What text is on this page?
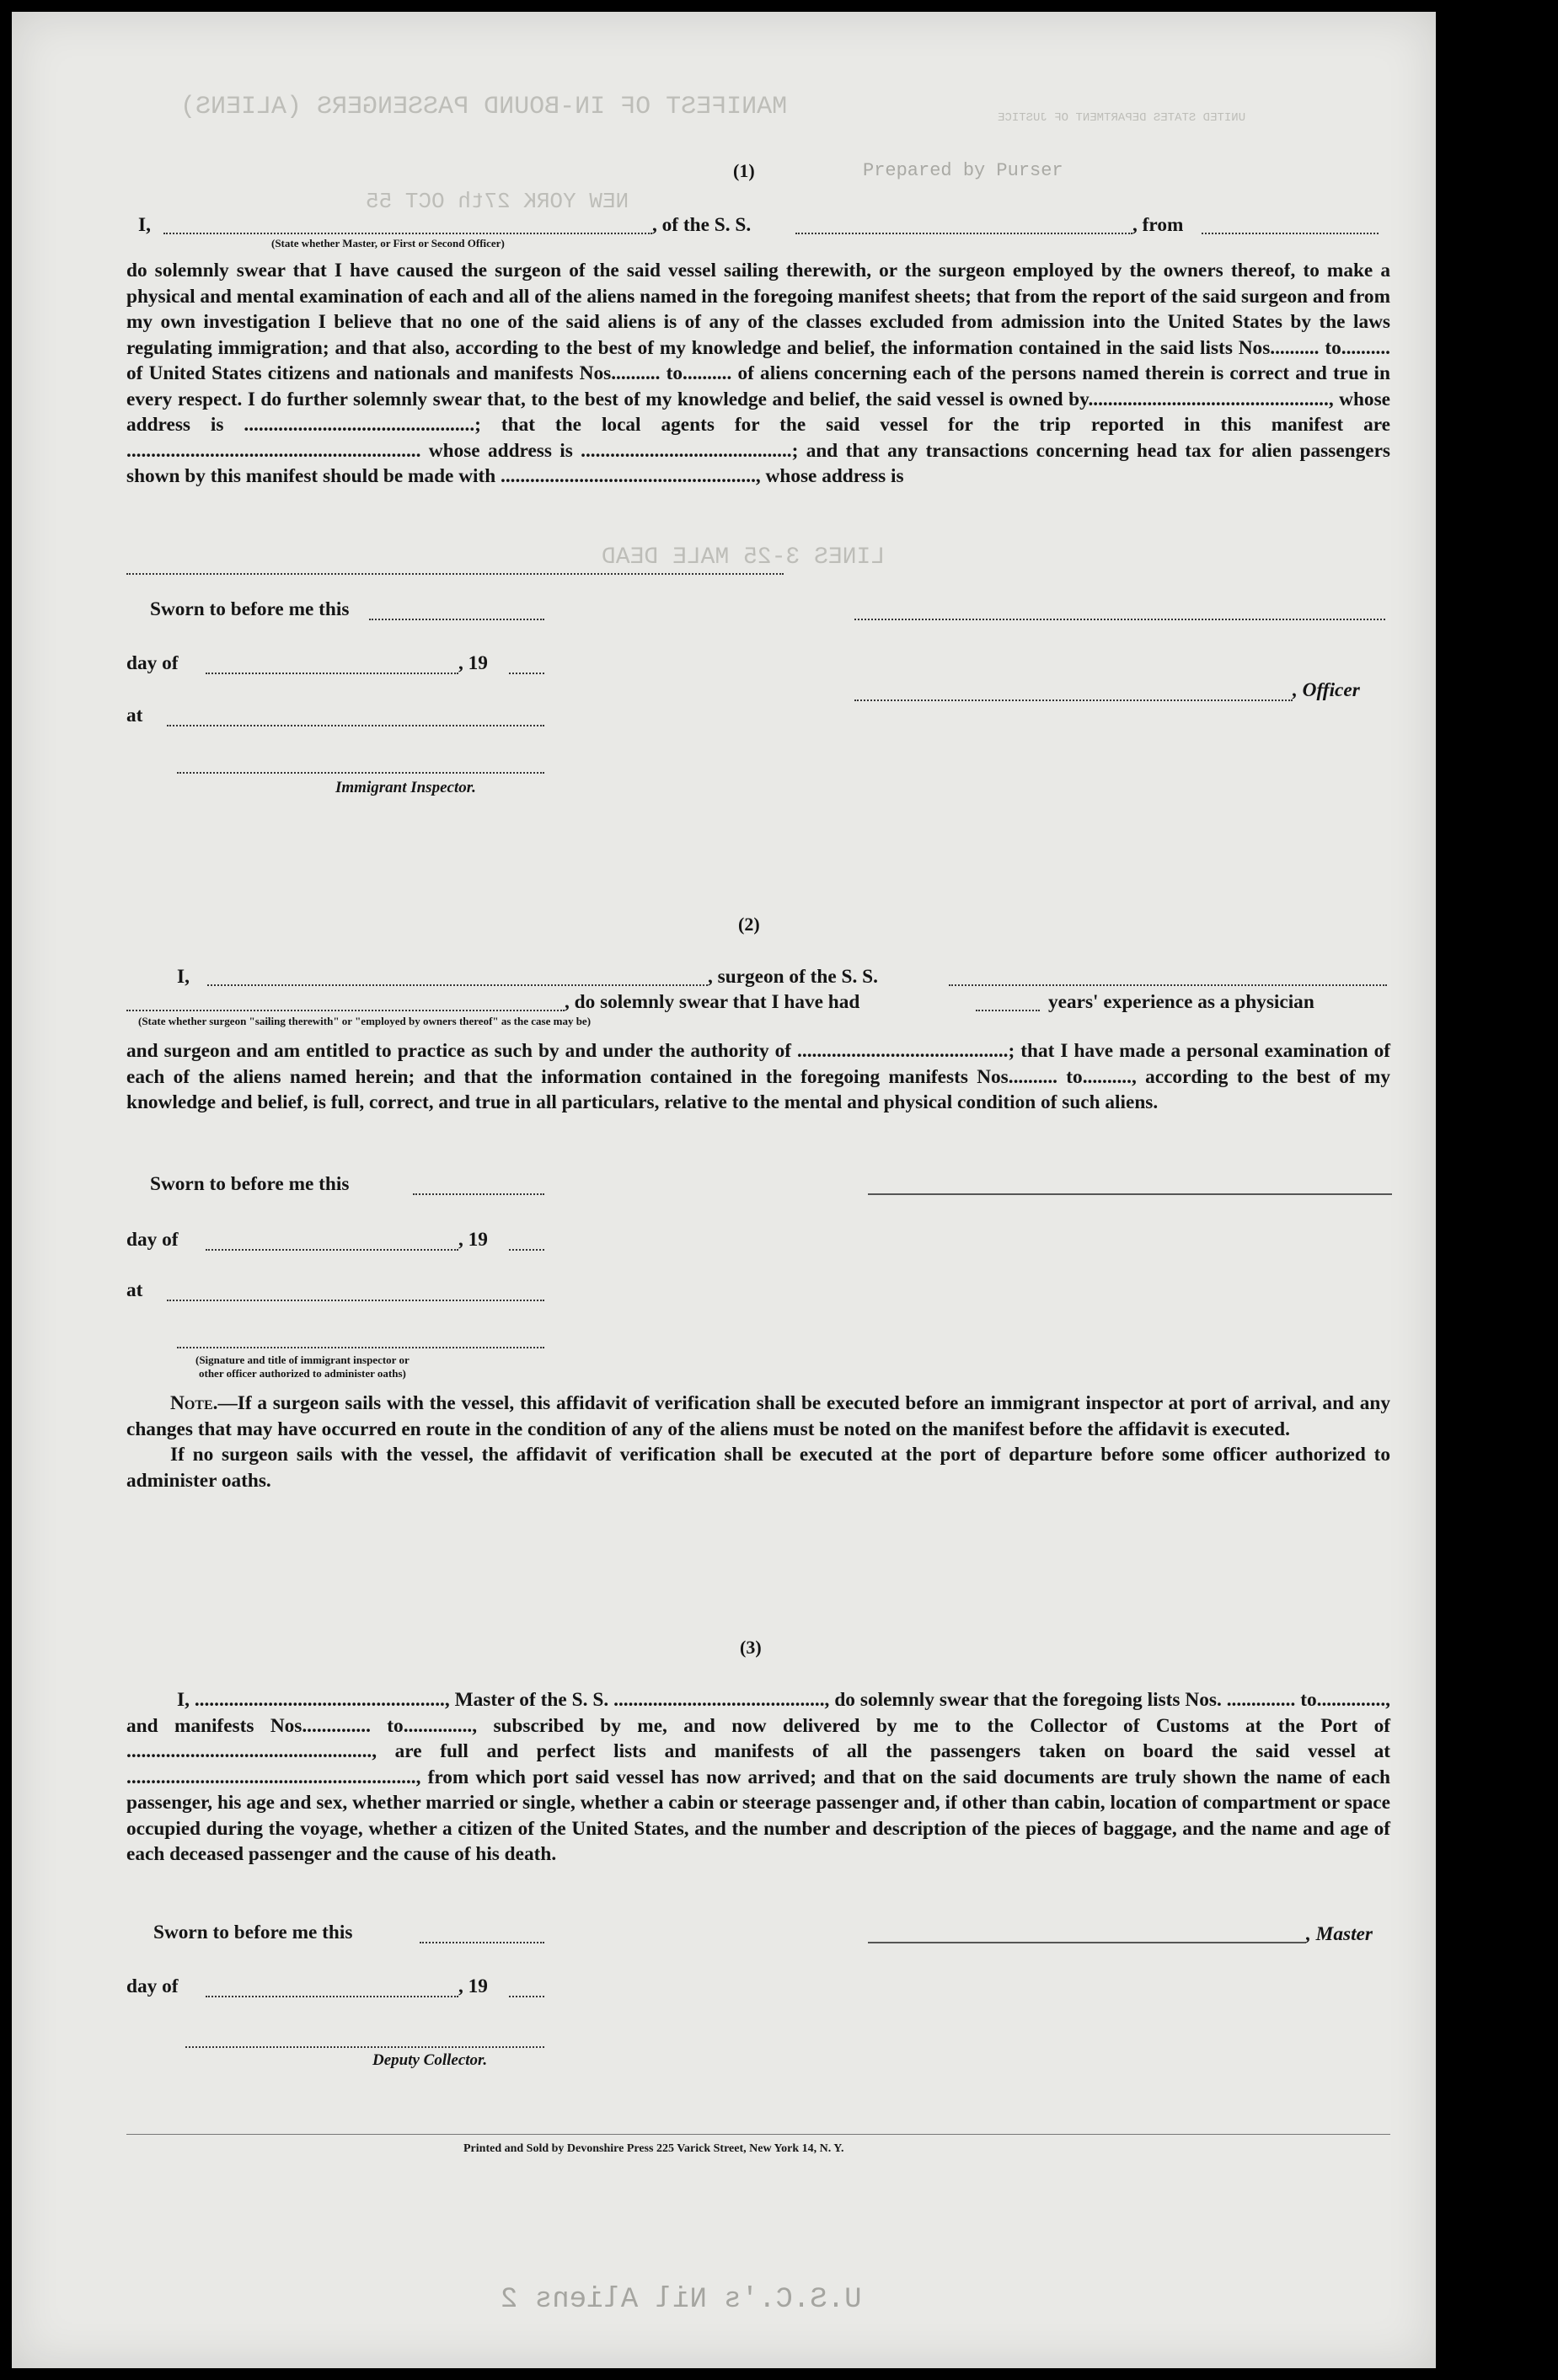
MANIFEST OF IN-BOUND PASSENGERS (ALIENS)
Prepared by Purser
UNITED STATES DEPARTMENT OF JUSTICE
NEW YORK 27th OCT 55
LINES 3-25 MALE DEAD
U.S.C.'s Nil Aliens 2
(1)
I,	, of the S. S.	, from
(State whether Master, or First or Second Officer)

do solemnly swear that I have caused the surgeon of the said vessel sailing therewith, or the surgeon employed by the owners thereof, to make a physical and mental examination of each and all of the aliens named in the foregoing manifest sheets; that from the report of the said surgeon and from my own investigation I believe that no one of the said aliens is of any of the classes excluded from admission into the United States by the laws regulating immigration; and that also, according to the best of my knowledge and belief, the information contained in the said lists Nos.......... to.......... of United States citizens and nationals and manifests Nos.......... to.......... of aliens concerning each of the persons named therein is correct and true in every respect. I do further solemnly swear that, to the best of my knowledge and belief, the said vessel is owned by................................................., whose address is ...............................................; that the local agents for the said vessel for the trip reported in this manifest are ............................................................ whose address is ...........................................; and that any transactions concerning head tax for alien passengers shown by this manifest should be made with ...................................................., whose address is

Sworn to before me this
day of	, 19
, Officer
at
Immigrant Inspector.
(2)
I,	, surgeon of the S. S.
, do solemnly swear that I have had	years' experience as a physician
(State whether surgeon "sailing therewith" or "employed by owners thereof" as the case may be)

and surgeon and am entitled to practice as such by and under the authority of ...........................................; that I have made a personal examination of each of the aliens named herein; and that the information contained in the foregoing manifests Nos.......... to.........., according to the best of my knowledge and belief, is full, correct, and true in all particulars, relative to the mental and physical condition of such aliens.

Sworn to before me this
day of	, 19
at
(Signature and title of immigrant inspector or
other officer authorized to administer oaths)

Note.—If a surgeon sails with the vessel, this affidavit of verification shall be executed before an immigrant inspector at port of arrival, and any changes that may have occurred en route in the condition of any of the aliens must be noted on the manifest before the affidavit is executed.

If no surgeon sails with the vessel, the affidavit of verification shall be executed at the port of departure before some officer authorized to administer oaths.

(3)

I, ..................................................., Master of the S. S. ..........................................., do solemnly swear that the foregoing lists Nos. .............. to.............., and manifests Nos.............. to.............., subscribed by me, and now delivered by me to the Collector of Customs at the Port of .................................................., are full and perfect lists and manifests of all the passengers taken on board the said vessel at ..........................................................., from which port said vessel has now arrived; and that on the said documents are truly shown the name of each passenger, his age and sex, whether married or single, whether a cabin or steerage passenger and, if other than cabin, location of compartment or space occupied during the voyage, whether a citizen of the United States, and the number and description of the pieces of baggage, and the name and age of each deceased passenger and the cause of his death.

Sworn to before me this	, Master
day of	, 19
Deputy Collector.
Printed and Sold by Devonshire Press 225 Varick Street, New York 14, N. Y.
